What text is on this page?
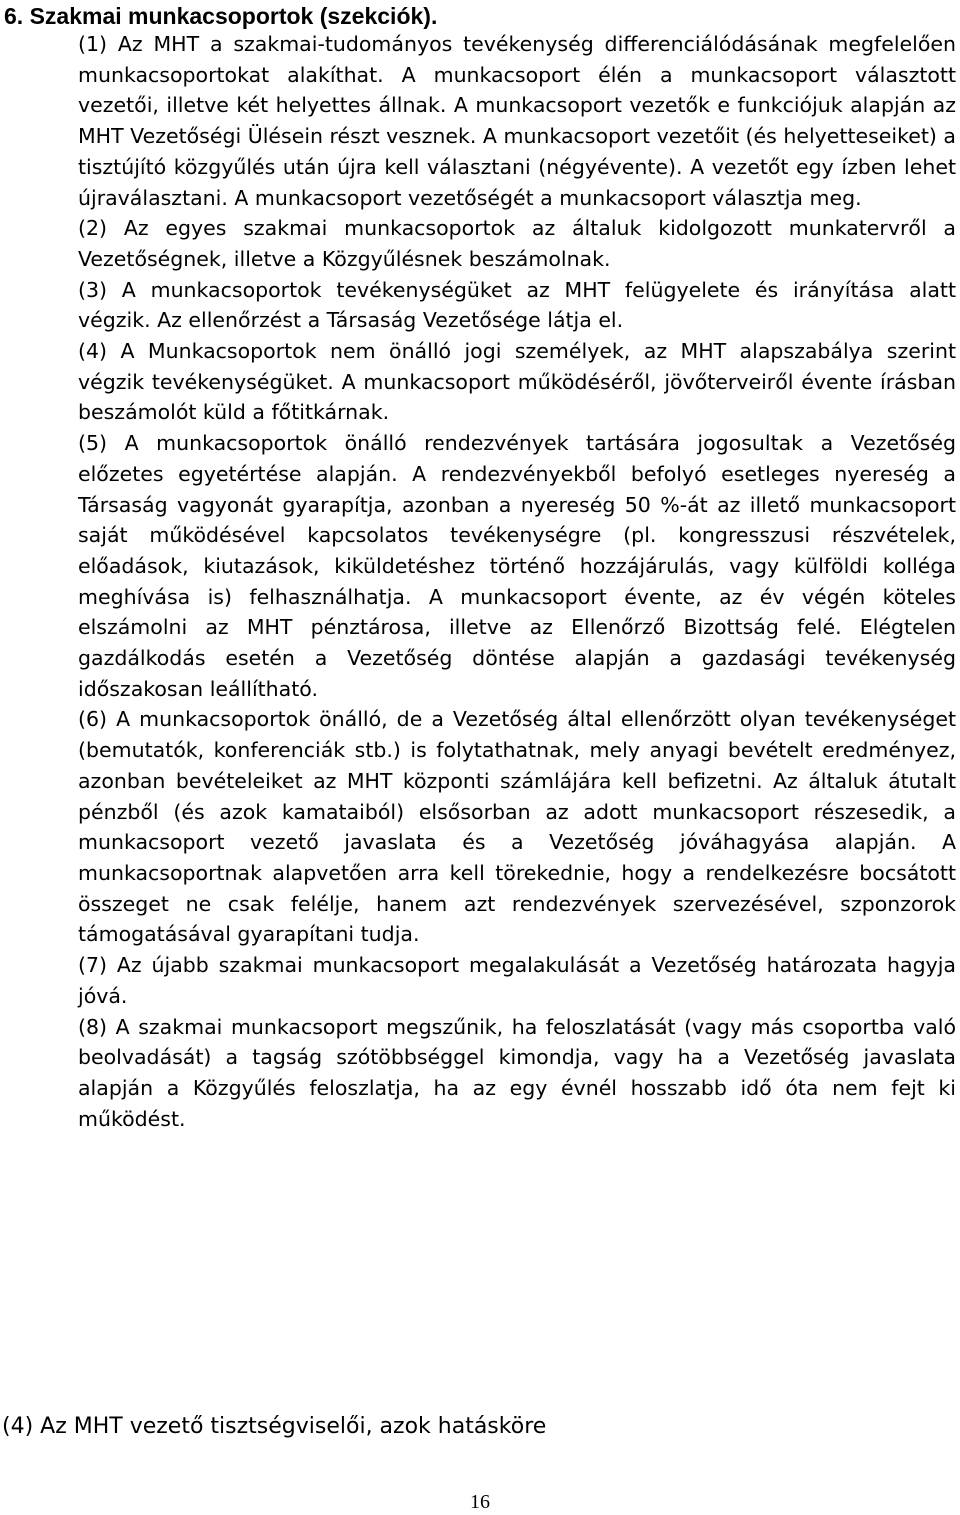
6. Szakmai munkacsoportok (szekciók).

(1) Az MHT a szakmai-tudományos tevékenység differenciálódásának megfelelően munkacsoportokat alakíthat. A munkacsoport élén a munkacsoport választott vezetői, illetve két helyettes állnak. A munkacsoport vezetők e funkciójuk alapján az MHT Vezetőségi Ülésein részt vesznek. A munkacsoport vezetőit (és helyetteseiket) a tisztújító közgyűlés után újra kell választani (négyévente). A vezetőt egy ízben lehet újraválasztani. A munkacsoport vezetőségét a munkacsoport választja meg.

(2) Az egyes szakmai munkacsoportok az általuk kidolgozott munkatervről a Vezetőségnek, illetve a Közgyűlésnek beszámolnak.

(3) A munkacsoportok tevékenységüket az MHT felügyelete és irányítása alatt végzik. Az ellenőrzést a Társaság Vezetősége látja el.

(4) A Munkacsoportok nem önálló jogi személyek, az MHT alapszabálya szerint végzik tevékenységüket. A munkacsoport működéséről, jövőterveiről évente írásban beszámolót küld a főtitkárnak.

(5) A munkacsoportok önálló rendezvények tartására jogosultak a Vezetőség előzetes egyetértése alapján. A rendezvényekből befolyó esetleges nyereség a Társaság vagyonát gyarapítja, azonban a nyereség 50 %-át az illető munkacsoport saját működésével kapcsolatos tevékenységre (pl. kongresszusi részvételek, előadások, kiutazások, kiküldetéshez történő hozzájárulás, vagy külföldi kolléga meghívása is) felhasználhatja. A munkacsoport évente, az év végén köteles elszámolni az MHT pénztárosa, illetve az Ellenőrző Bizottság felé. Elégtelen gazdálkodás esetén a Vezetőség döntése alapján a gazdasági tevékenység időszakosan leállítható.

(6) A munkacsoportok önálló, de a Vezetőség által ellenőrzött olyan tevékenységet (bemutatók, konferenciák stb.) is folytathatnak, mely anyagi bevételt eredményez, azonban bevételeiket az MHT központi számlájára kell befizetni. Az általuk átutalt pénzből (és azok kamataiból) elsősorban az adott munkacsoport részesedik, a munkacsoport vezető javaslata és a Vezetőség jóváhagyása alapján. A munkacsoportnak alapvetően arra kell törekednie, hogy a rendelkezésre bocsátott összeget ne csak felélje, hanem azt rendezvények szervezésével, szponzorok támogatásával gyarapítani tudja.

(7) Az újabb szakmai munkacsoport megalakulását a Vezetőség határozata hagyja jóvá.

(8) A szakmai munkacsoport megszűnik, ha feloszlatását (vagy más csoportba való beolvadását) a tagság szótöbbséggel kimondja, vagy ha a Vezetőség javaslata alapján a Közgyűlés feloszlatja, ha az egy évnél hosszabb idő óta nem fejt ki működést.

(4) Az MHT vezető tisztségviselői, azok hatásköre
16
